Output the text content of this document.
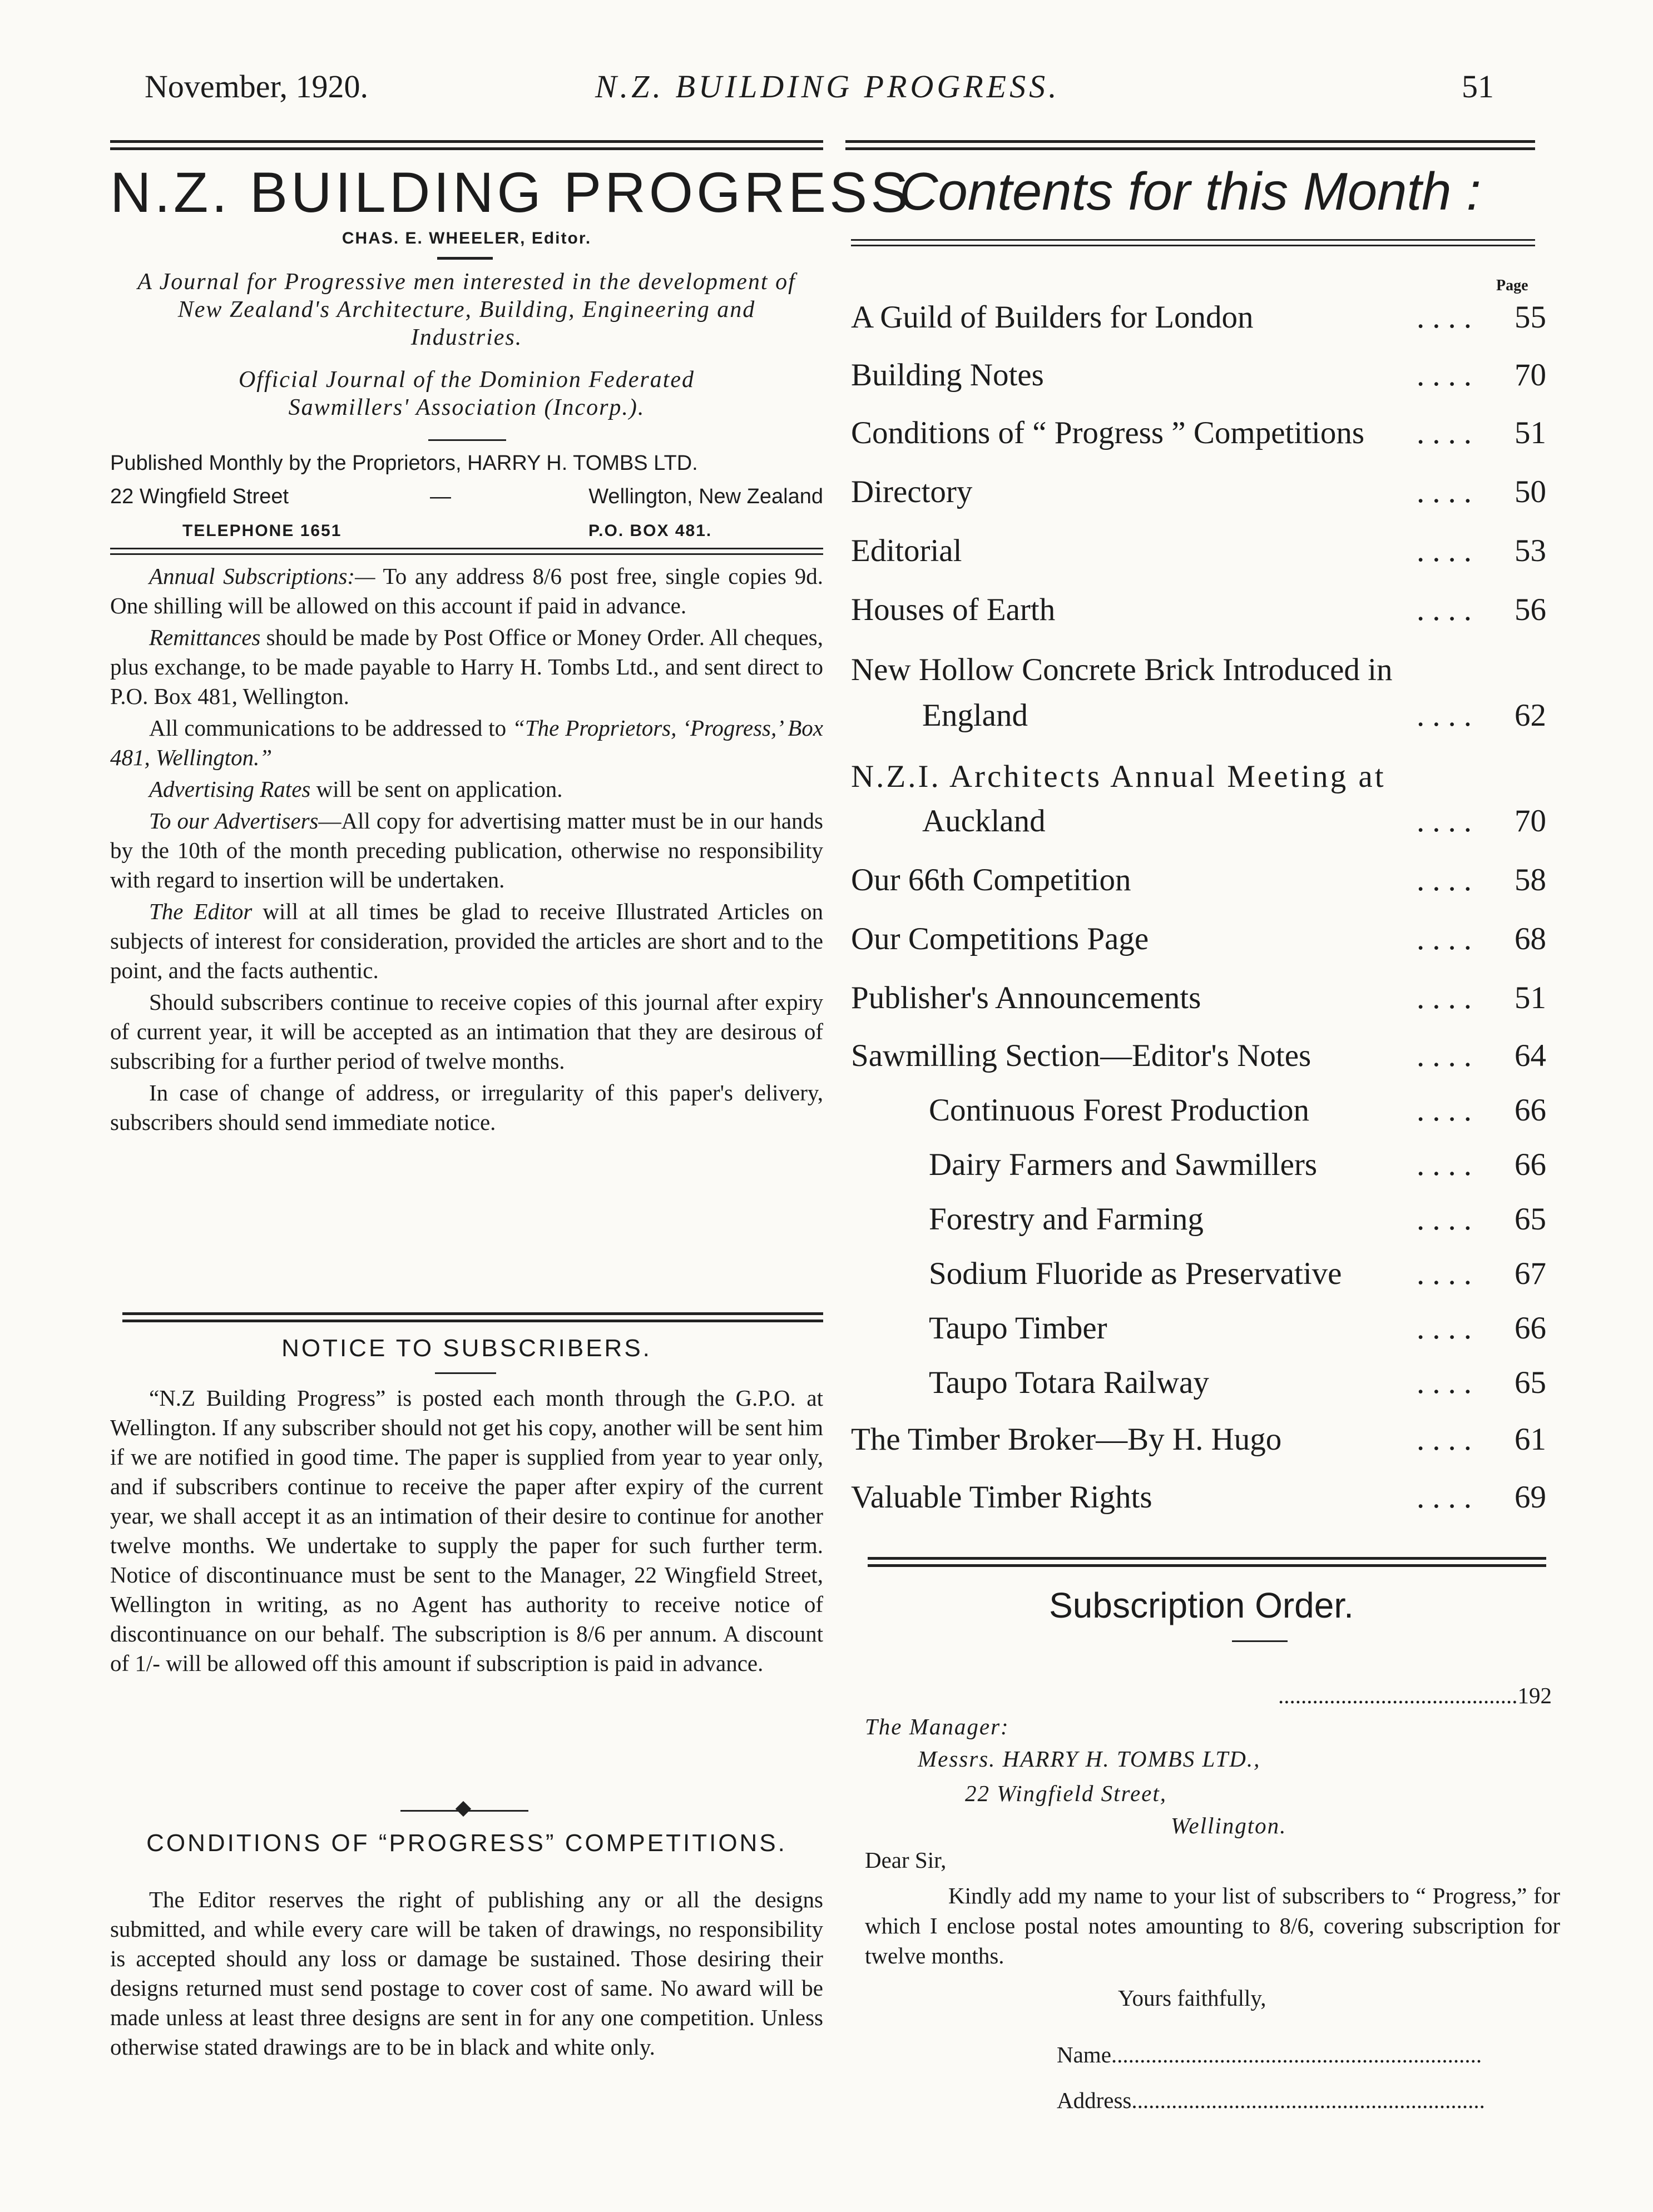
November, 1920.	N.Z. BUILDING PROGRESS.	51
N.Z. BUILDING PROGRESS
CHAS. E. WHEELER, Editor.
A Journal for Progressive men interested in the development of New Zealand's Architecture, Building, Engineering and Industries.
Official Journal of the Dominion Federated Sawmillers' Association (Incorp.).
Published Monthly by the Proprietors, HARRY H. TOMBS LTD.
22 Wingfield Street	—	Wellington, New Zealand
TELEPHONE 1651	P.O. BOX 481.

Annual Subscriptions:— To any address 8/6 post free, single copies 9d. One shilling will be allowed on this account if paid in advance.

Remittances should be made by Post Office or Money Order. All cheques, plus exchange, to be made payable to Harry H. Tombs Ltd., and sent direct to P.O. Box 481, Wellington.

All communications to be addressed to “The Proprietors, ‘Progress,’ Box 481, Wellington.”

Advertising Rates will be sent on application.

To our Advertisers—All copy for advertising matter must be in our hands by the 10th of the month preceding publication, otherwise no responsibility with regard to insertion will be undertaken.

The Editor will at all times be glad to receive Illustrated Articles on subjects of interest for consideration, provided the articles are short and to the point, and the facts authentic.

Should subscribers continue to receive copies of this journal after expiry of current year, it will be accepted as an intimation that they are desirous of subscribing for a further period of twelve months.

In case of change of address, or irregularity of this paper's delivery, subscribers should send immediate notice.

NOTICE TO SUBSCRIBERS.

“N.Z Building Progress” is posted each month through the G.P.O. at Wellington. If any subscriber should not get his copy, another will be sent him if we are notified in good time. The paper is supplied from year to year only, and if subscribers continue to receive the paper after expiry of the current year, we shall accept it as an intimation of their desire to continue for another twelve months. We undertake to supply the paper for such further term. Notice of discontinuance must be sent to the Manager, 22 Wingfield Street, Wellington in writing, as no Agent has authority to receive notice of discontinuance on our behalf. The subscription is 8/6 per annum. A discount of 1/- will be allowed off this amount if subscription is paid in advance.

CONDITIONS OF “PROGRESS” COMPETITIONS.

The Editor reserves the right of publishing any or all the designs submitted, and while every care will be taken of drawings, no responsibility is accepted should any loss or damage be sustained. Those desiring their designs returned must send postage to cover cost of same. No award will be made unless at least three designs are sent in for any one competition. Unless otherwise stated drawings are to be in black and white only.

Contents for this Month :
Page
A Guild of Builders for London	....	55
Building Notes	....	70
Conditions of “ Progress ” Competitions	....	51
Directory	....	50
Editorial	....	53
Houses of Earth	....	56
New Hollow Concrete Brick Introduced in
England	....	62
N.Z.I. Architects Annual Meeting at
Auckland	....	70
Our 66th Competition	....	58
Our Competitions Page	....	68
Publisher's Announcements	....	51
Sawmilling Section—Editor's Notes	....	64
Continuous Forest Production	....	66
Dairy Farmers and Sawmillers	....	66
Forestry and Farming	....	65
Sodium Fluoride as Preservative	....	67
Taupo Timber	....	66
Taupo Totara Railway	....	65
The Timber Broker—By H. Hugo	....	61
Valuable Timber Rights	....	69
Subscription Order.
..........................................192
The Manager:
Messrs. HARRY H. TOMBS LTD.,
22 Wingfield Street,
Wellington.
Dear Sir,
Kindly add my name to your list of subscribers to “ Progress,” for which I enclose postal notes amounting to 8/6, covering subscription for twelve months.
Yours faithfully,
Name.................................................................
Address..............................................................
